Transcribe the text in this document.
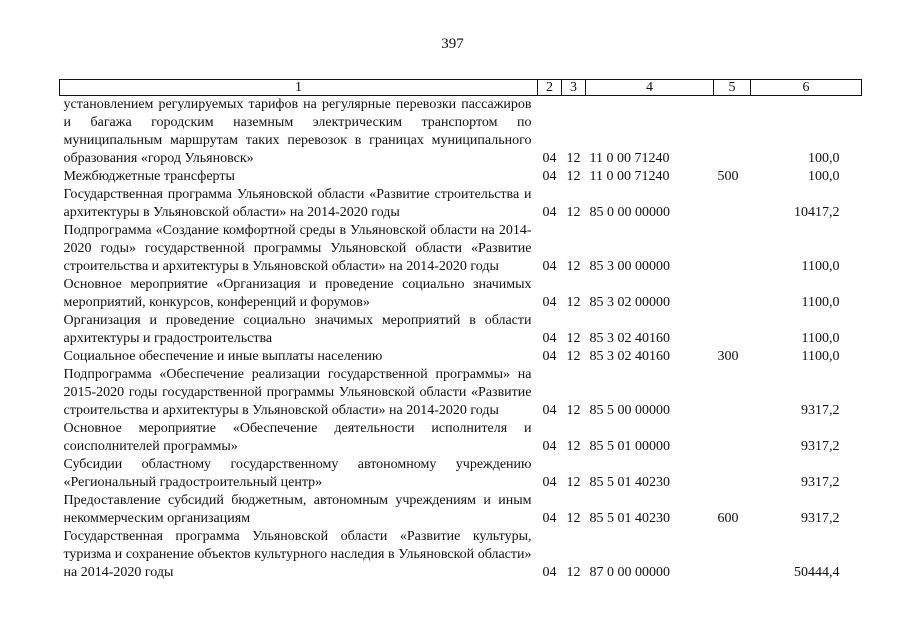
397
1	2	3	4	5	6
установлением регулируемых тарифов на регулярные перевозки пассажиров и багажа городским наземным электрическим транспортом по муниципальным маршрутам таких перевозок в границах муниципального образования «город Ульяновск»	04	12	11 0 00 71240		100,0
Межбюджетные трансферты	04	12	11 0 00 71240	500	100,0
Государственная программа Ульяновской области «Развитие строительства и архитектуры в Ульяновской области» на 2014-2020 годы	04	12	85 0 00 00000		10417,2
Подпрограмма «Создание комфортной среды в Ульяновской области на 2014-2020 годы» государственной программы Ульяновской области «Развитие строительства и архитектуры в Ульяновской области» на 2014-2020 годы	04	12	85 3 00 00000		1100,0
Основное мероприятие «Организация и проведение социально значимых мероприятий, конкурсов, конференций и форумов»	04	12	85 3 02 00000		1100,0
Организация и проведение социально значимых мероприятий в области архитектуры и градостроительства	04	12	85 3 02 40160		1100,0
Социальное обеспечение и иные выплаты населению	04	12	85 3 02 40160	300	1100,0
Подпрограмма «Обеспечение реализации государственной программы» на 2015-2020 годы государственной программы Ульяновской области «Развитие строительства и архитектуры в Ульяновской области» на 2014-2020 годы	04	12	85 5 00 00000		9317,2
Основное мероприятие «Обеспечение деятельности исполнителя и соисполнителей программы»	04	12	85 5 01 00000		9317,2
Субсидии областному государственному автономному учреждению «Региональный градостроительный центр»	04	12	85 5 01 40230		9317,2
Предоставление субсидий бюджетным, автономным учреждениям и иным некоммерческим организациям	04	12	85 5 01 40230	600	9317,2
Государственная программа Ульяновской области «Развитие культуры, туризма и сохранение объектов культурного наследия в Ульяновской области» на 2014-2020 годы	04	12	87 0 00 00000		50444,4
